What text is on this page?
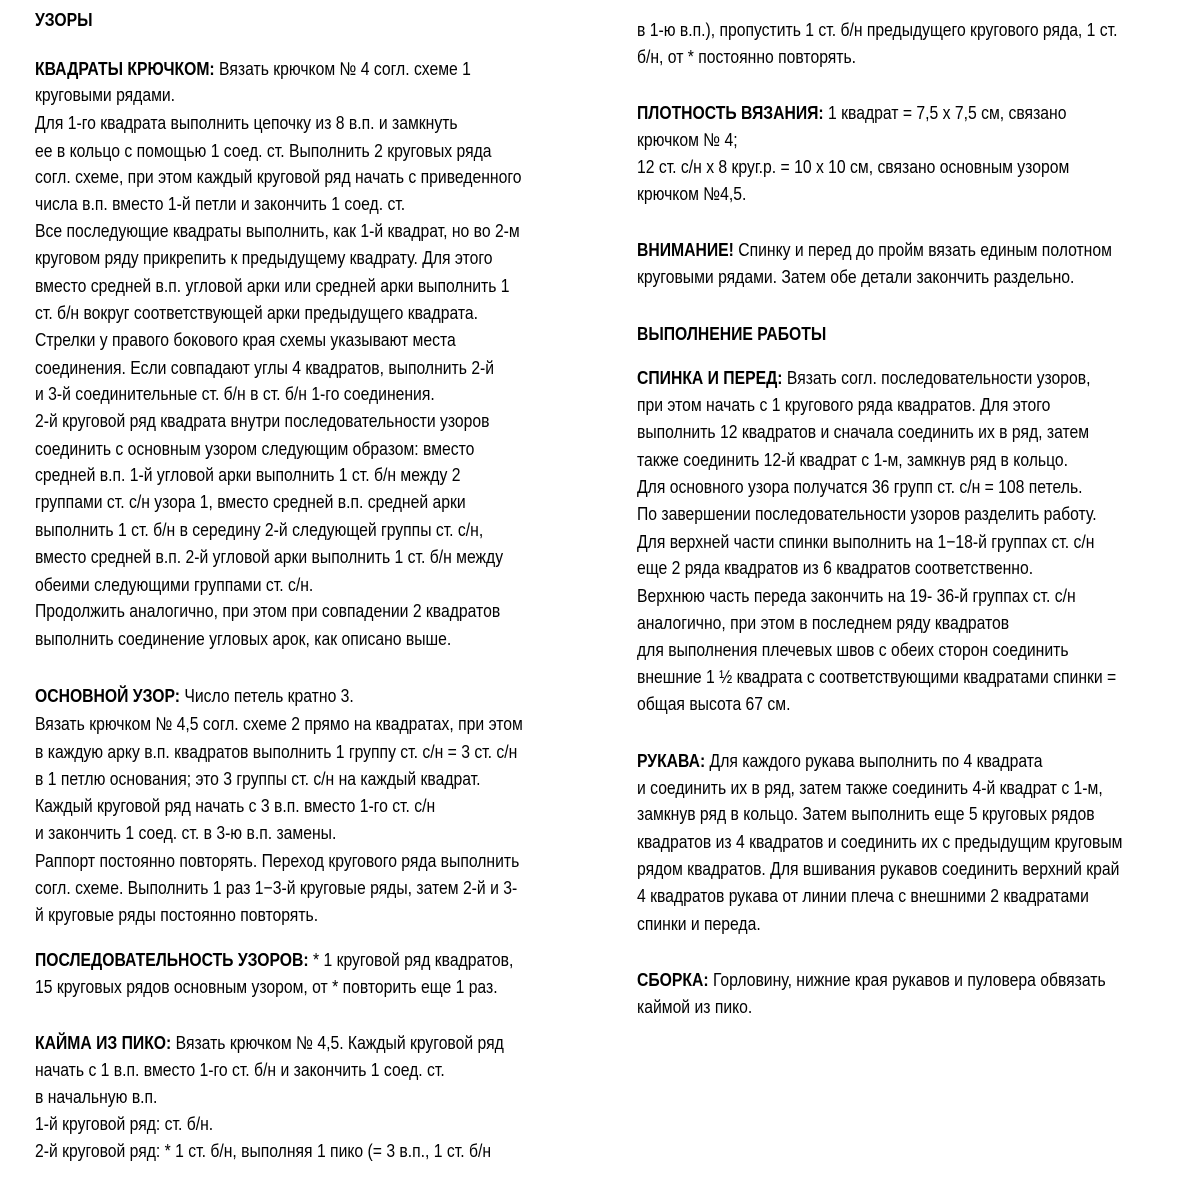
УЗОРЫ
КВАДРАТЫ КРЮЧКОМ: Вязать крючком № 4 согл. схеме 1
круговыми рядами.
Для 1-го квадрата выполнить цепочку из 8 в.п. и замкнуть
ее в кольцо с помощью 1 соед. ст. Выполнить 2 круговых ряда
согл. схеме, при этом каждый круговой ряд начать с приведенного
числа в.п. вместо 1-й петли и закончить 1 соед. ст.
Все последующие квадраты выполнить, как 1-й квадрат, но во 2-м
круговом ряду прикрепить к предыдущему квадрату. Для этого
вместо средней в.п. угловой арки или средней арки выполнить 1
ст. б/н вокруг соответствующей арки предыдущего квадрата.
Стрелки у правого бокового края схемы указывают места
соединения. Если совпадают углы 4 квадратов, выполнить 2-й
и 3-й соединительные ст. б/н в ст. б/н 1-го соединения.
2-й круговой ряд квадрата внутри последовательности узоров
соединить с основным узором следующим образом: вместо
средней в.п. 1-й угловой арки выполнить 1 ст. б/н между 2
группами ст. с/н узора 1, вместо средней в.п. средней арки
выполнить 1 ст. б/н в середину 2-й следующей группы ст. с/н,
вместо средней в.п. 2-й угловой арки выполнить 1 ст. б/н между
обеими следующими группами ст. с/н.
Продолжить аналогично, при этом при совпадении 2 квадратов
выполнить соединение угловых арок, как описано выше.
ОСНОВНОЙ УЗОР: Число петель кратно 3.
Вязать крючком № 4,5 согл. схеме 2 прямо на квадратах, при этом
в каждую арку в.п. квадратов выполнить 1 группу ст. с/н = 3 ст. с/н
в 1 петлю основания; это 3 группы ст. с/н на каждый квадрат.
Каждый круговой ряд начать с 3 в.п. вместо 1-го ст. с/н
и закончить 1 соед. ст. в 3-ю в.п. замены.
Раппорт постоянно повторять. Переход кругового ряда выполнить
согл. схеме. Выполнить 1 раз 1−3-й круговые ряды, затем 2-й и 3-
й круговые ряды постоянно повторять.
ПОСЛЕДОВАТЕЛЬНОСТЬ УЗОРОВ: * 1 круговой ряд квадратов,
15 круговых рядов основным узором, от * повторить еще 1 раз.
КАЙМА ИЗ ПИКО: Вязать крючком № 4,5. Каждый круговой ряд
начать с 1 в.п. вместо 1-го ст. б/н и закончить 1 соед. ст.
в начальную в.п.
1-й круговой ряд: ст. б/н.
2-й круговой ряд: * 1 ст. б/н, выполняя 1 пико (= 3 в.п., 1 ст. б/н
в 1-ю в.п.), пропустить 1 ст. б/н предыдущего кругового ряда, 1 ст.
б/н, от * постоянно повторять.
ПЛОТНОСТЬ ВЯЗАНИЯ: 1 квадрат = 7,5 х 7,5 см, связано
крючком № 4;
12 ст. с/н х 8 круг.р. = 10 х 10 см, связано основным узором
крючком №4,5.
ВНИМАНИЕ! Спинку и перед до пройм вязать единым полотном
круговыми рядами. Затем обе детали закончить раздельно.
ВЫПОЛНЕНИЕ РАБОТЫ
СПИНКА И ПЕРЕД: Вязать согл. последовательности узоров,
при этом начать с 1 кругового ряда квадратов. Для этого
выполнить 12 квадратов и сначала соединить их в ряд, затем
также соединить 12-й квадрат с 1-м, замкнув ряд в кольцо.
Для основного узора получатся 36 групп ст. с/н = 108 петель.
По завершении последовательности узоров разделить работу.
Для верхней части спинки выполнить на 1−18-й группах ст. с/н
еще 2 ряда квадратов из 6 квадратов соответственно.
Верхнюю часть переда закончить на 19- 36-й группах ст. с/н
аналогично, при этом в последнем ряду квадратов
для выполнения плечевых швов с обеих сторон соединить
внешние 1 ½ квадрата с соответствующими квадратами спинки =
общая высота 67 см.
РУКАВА: Для каждого рукава выполнить по 4 квадрата
и соединить их в ряд, затем также соединить 4-й квадрат с 1-м,
замкнув ряд в кольцо. Затем выполнить еще 5 круговых рядов
квадратов из 4 квадратов и соединить их с предыдущим круговым
рядом квадратов. Для вшивания рукавов соединить верхний край
4 квадратов рукава от линии плеча с внешними 2 квадратами
спинки и переда.
СБОРКА: Горловину, нижние края рукавов и пуловера обвязать
каймой из пико.
